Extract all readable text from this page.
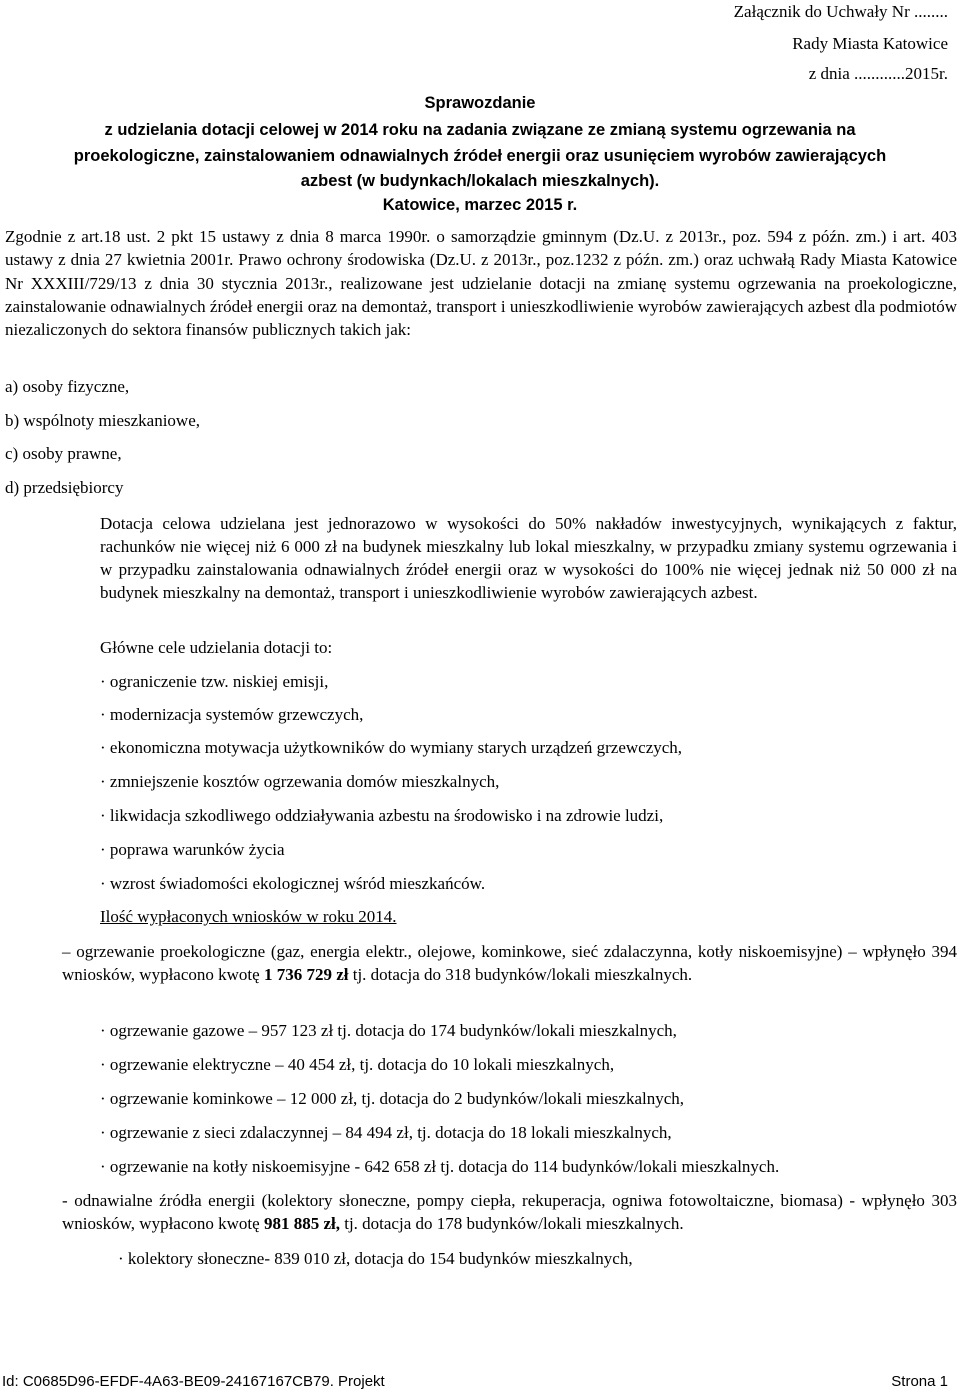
Załącznik do Uchwały Nr ........
Rady Miasta Katowice
z dnia ............2015r.
Sprawozdanie
z udzielania dotacji celowej w 2014 roku na zadania związane ze zmianą systemu ogrzewania na
proekologiczne, zainstalowaniem odnawialnych źródeł energii oraz usunięciem wyrobów zawierających
azbest (w budynkach/lokalach mieszkalnych).
Katowice, marzec 2015 r.
Zgodnie z art.18 ust. 2 pkt 15 ustawy z dnia 8 marca 1990r. o samorządzie gminnym (Dz.U. z 2013r., poz. 594 z późn. zm.) i art. 403 ustawy z dnia 27 kwietnia 2001r. Prawo ochrony środowiska (Dz.U. z 2013r., poz.1232 z późn. zm.) oraz uchwałą Rady Miasta Katowice Nr XXXIII/729/13 z dnia 30 stycznia 2013r., realizowane jest udzielanie dotacji na zmianę systemu ogrzewania na proekologiczne, zainstalowanie odnawialnych źródeł energii oraz na demontaż, transport i unieszkodliwienie wyrobów zawierających azbest dla podmiotów niezaliczonych do sektora finansów publicznych takich jak:
a) osoby fizyczne,
b) wspólnoty mieszkaniowe,
c) osoby prawne,
d) przedsiębiorcy
Dotacja celowa udzielana jest jednorazowo w wysokości do 50% nakładów inwestycyjnych, wynikających z faktur, rachunków nie więcej niż 6 000 zł na budynek mieszkalny lub lokal mieszkalny, w przypadku zmiany systemu ogrzewania i w przypadku zainstalowania odnawialnych źródeł energii oraz w wysokości do 100% nie więcej jednak niż 50 000 zł na budynek mieszkalny na demontaż, transport i unieszkodliwienie wyrobów zawierających azbest.
Główne cele udzielania dotacji to:
· ograniczenie tzw. niskiej emisji,
· modernizacja systemów grzewczych,
· ekonomiczna motywacja użytkowników do wymiany starych urządzeń grzewczych,
· zmniejszenie kosztów ogrzewania domów mieszkalnych,
· likwidacja szkodliwego oddziaływania azbestu na środowisko i na zdrowie ludzi,
· poprawa warunków życia
· wzrost świadomości ekologicznej wśród mieszkańców.
Ilość wypłaconych wniosków w roku 2014.
– ogrzewanie proekologiczne (gaz, energia elektr., olejowe, kominkowe, sieć zdalaczynna, kotły niskoemisyjne) – wpłynęło 394 wniosków, wypłacono kwotę 1 736 729 zł tj. dotacja do 318 budynków/lokali mieszkalnych.
· ogrzewanie gazowe – 957 123 zł tj. dotacja do 174 budynków/lokali mieszkalnych,
· ogrzewanie elektryczne – 40 454 zł, tj. dotacja do 10 lokali mieszkalnych,
· ogrzewanie kominkowe – 12 000 zł, tj. dotacja do 2 budynków/lokali mieszkalnych,
· ogrzewanie z sieci zdalaczynnej – 84 494 zł, tj. dotacja do 18 lokali mieszkalnych,
· ogrzewanie na kotły niskoemisyjne - 642 658 zł tj. dotacja do 114 budynków/lokali mieszkalnych.
- odnawialne źródła energii (kolektory słoneczne, pompy ciepła, rekuperacja, ogniwa fotowoltaiczne, biomasa) - wpłynęło 303 wniosków, wypłacono kwotę 981 885 zł, tj. dotacja do 178 budynków/lokali mieszkalnych.
· kolektory słoneczne- 839 010 zł, dotacja do 154 budynków mieszkalnych,
Id: C0685D96-EFDF-4A63-BE09-24167167CB79. Projekt	Strona 1
